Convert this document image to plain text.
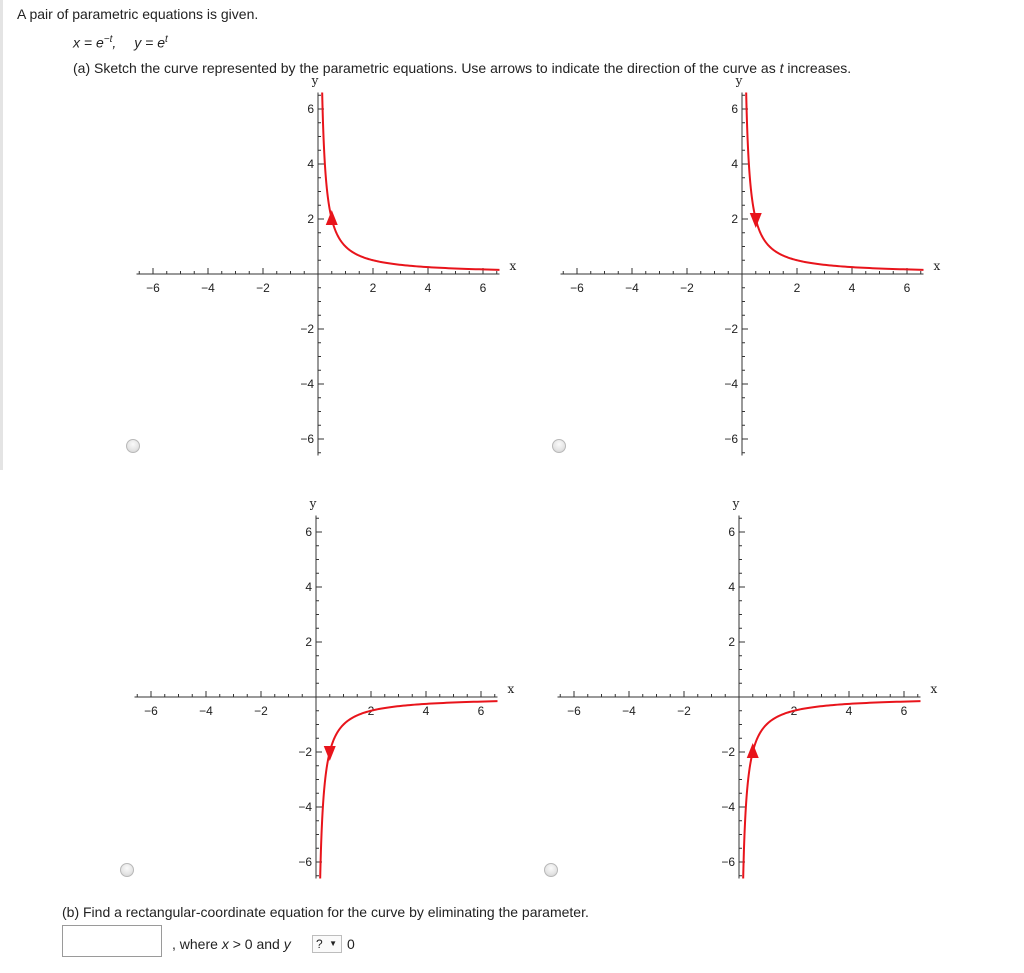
A pair of parametric equations is given.
$x = e^{-t}$, $y = e^t$
(a) Sketch the curve represented by the parametric equations. Use arrows to indicate the direction of the curve as t increases.
−6	−4	−2	2	4	6
6
4
2
−2
−4
−6
x
y
−6	−4	−2	2	4	6
6
4
2
−2
−4
−6
x
y
−6	−4	−2	2	4	6
6
4
2
−2
−4
−6
x
y
−6	−4	−2	2	4	6
6
4
2
−2
−4
−6
x
y
(b) Find a rectangular-coordinate equation for the curve by eliminating the parameter.
, where x > 0 and y	? ▼ 0
